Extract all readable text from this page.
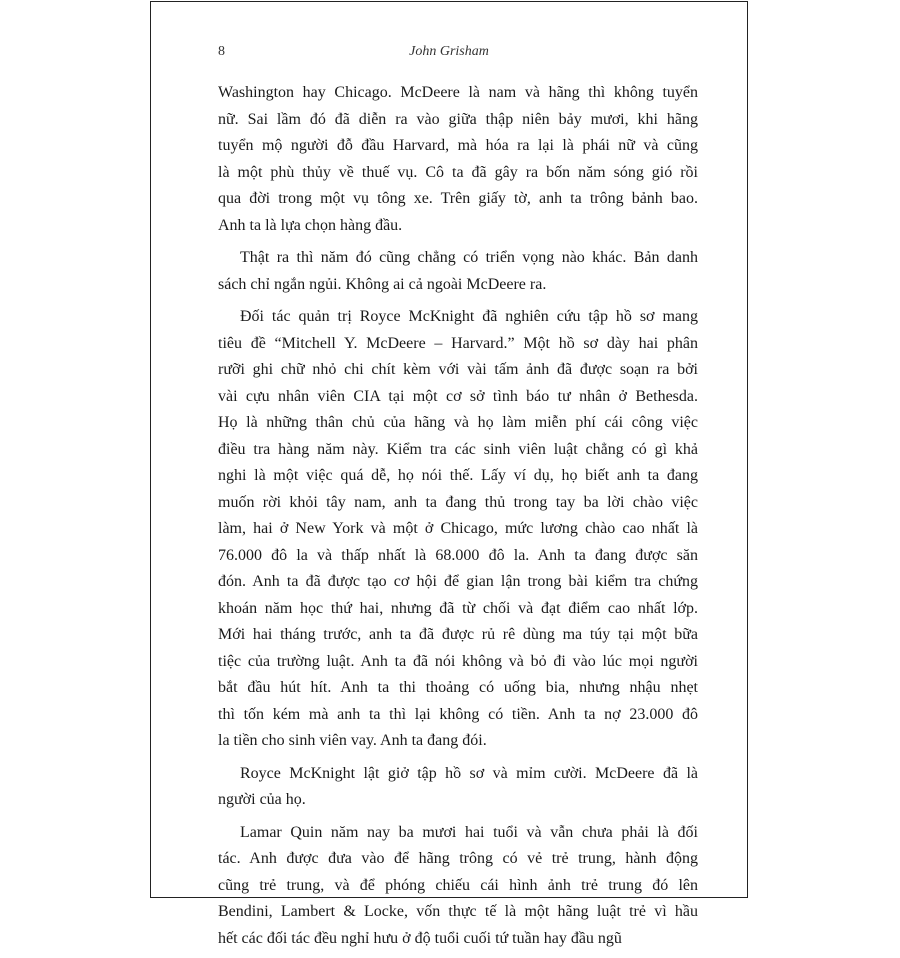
8	John Grisham
Washington hay Chicago. McDeere là nam và hãng thì không tuyển
nữ. Sai lầm đó đã diễn ra vào giữa thập niên bảy mươi, khi hãng
tuyển mộ người đỗ đầu Harvard, mà hóa ra lại là phái nữ và cũng
là một phù thủy về thuế vụ. Cô ta đã gây ra bốn năm sóng gió rồi
qua đời trong một vụ tông xe. Trên giấy tờ, anh ta trông bảnh bao.
Anh ta là lựa chọn hàng đầu.
Thật ra thì năm đó cũng chẳng có triển vọng nào khác. Bản danh
sách chỉ ngắn ngủi. Không ai cả ngoài McDeere ra.
Đối tác quản trị Royce McKnight đã nghiên cứu tập hồ sơ mang
tiêu đề “Mitchell Y. McDeere – Harvard.” Một hồ sơ dày hai phân
rưỡi ghi chữ nhỏ chi chít kèm với vài tấm ảnh đã được soạn ra bởi
vài cựu nhân viên CIA tại một cơ sở tình báo tư nhân ở Bethesda.
Họ là những thân chủ của hãng và họ làm miễn phí cái công việc
điều tra hàng năm này. Kiểm tra các sinh viên luật chẳng có gì khả
nghi là một việc quá dễ, họ nói thế. Lấy ví dụ, họ biết anh ta đang
muốn rời khỏi tây nam, anh ta đang thủ trong tay ba lời chào việc
làm, hai ở New York và một ở Chicago, mức lương chào cao nhất là
76.000 đô la và thấp nhất là 68.000 đô la. Anh ta đang được săn
đón. Anh ta đã được tạo cơ hội để gian lận trong bài kiểm tra chứng
khoán năm học thứ hai, nhưng đã từ chối và đạt điểm cao nhất lớp.
Mới hai tháng trước, anh ta đã được rủ rê dùng ma túy tại một bữa
tiệc của trường luật. Anh ta đã nói không và bỏ đi vào lúc mọi người
bắt đầu hút hít. Anh ta thi thoảng có uống bia, nhưng nhậu nhẹt
thì tốn kém mà anh ta thì lại không có tiền. Anh ta nợ 23.000 đô
la tiền cho sinh viên vay. Anh ta đang đói.
Royce McKnight lật giở tập hồ sơ và mỉm cười. McDeere đã là
người của họ.
Lamar Quin năm nay ba mươi hai tuổi và vẫn chưa phải là đối
tác. Anh được đưa vào để hãng trông có vẻ trẻ trung, hành động
cũng trẻ trung, và để phóng chiếu cái hình ảnh trẻ trung đó lên
Bendini, Lambert & Locke, vốn thực tế là một hãng luật trẻ vì hầu
hết các đối tác đều nghỉ hưu ở độ tuổi cuối tứ tuần hay đầu ngũ
